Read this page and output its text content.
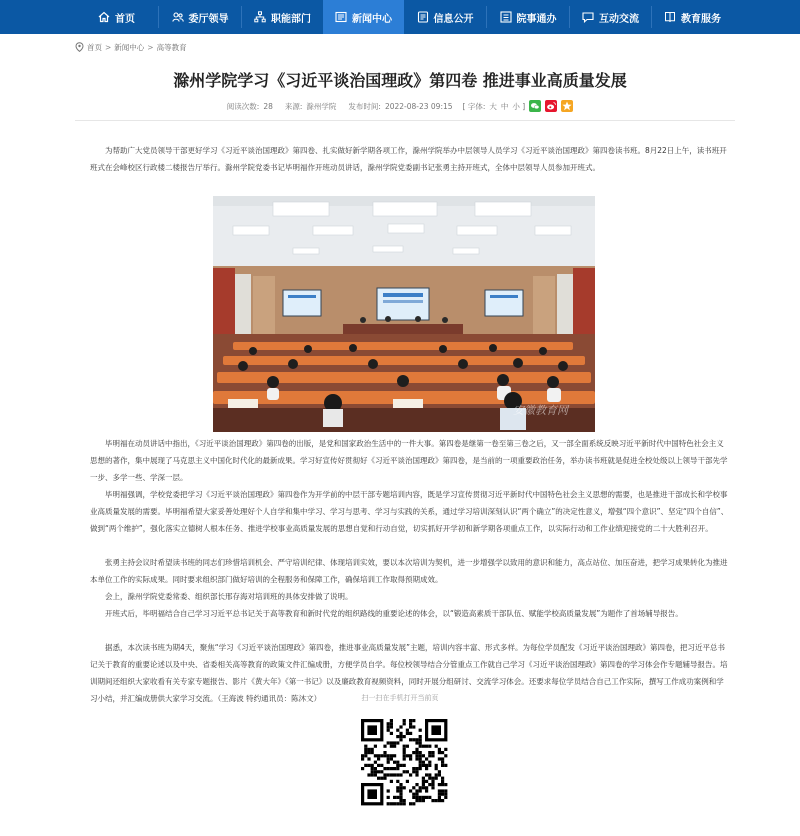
首页	委厅领导	职能部门	新闻中心	信息公开	院事通办	互动交流	教育服务
首页 > 新闻中心 > 高等教育
滁州学院学习《习近平谈治国理政》第四卷 推进事业高质量发展
阅读次数: 28 来源: 滁州学院 发布时间: 2022-08-23 09:15 [ 字体: 大 中 小 ]

为帮助广大党员领导干部更好学习《习近平谈治国理政》第四卷、扎实做好新学期各项工作，滁州学院举办中层领导人员学习《习近平谈治国理政》第四卷读书班。8月22日上午，读书班开班式在会峰校区行政楼二楼报告厅举行。滁州学院党委书记毕明福作开班动员讲话，滁州学院党委副书记张勇主持开班式，全体中层领导人员参加开班式。

安徽教育网

毕明福在动员讲话中指出，《习近平谈治国理政》第四卷的出版，是党和国家政治生活中的一件大事。第四卷是继第一卷至第三卷之后，又一部全面系统反映习近平新时代中国特色社会主义思想的著作，集中展现了马克思主义中国化时代化的最新成果。学习好宣传好贯彻好《习近平谈治国理政》第四卷，是当前的一项重要政治任务，举办读书班就是促进全校处级以上领导干部先学一步、多学一些、学深一层。

毕明福强调，学校党委把学习《习近平谈治国理政》第四卷作为开学前的中层干部专题培训内容，既是学习宣传贯彻习近平新时代中国特色社会主义思想的需要，也是推进干部成长和学校事业高质量发展的需要。毕明福希望大家妥善处理好个人自学和集中学习、学习与思考、学习与实践的关系，通过学习培训深刻认识“两个确立”的决定性意义，增强“四个意识”、坚定“四个自信”、做到“两个维护”，强化落实立德树人根本任务、推进学校事业高质量发展的思想自觉和行动自觉，切实抓好开学初和新学期各项重点工作，以实际行动和工作业绩迎接党的二十大胜利召开。

张勇主持会议时希望读书班的同志们珍惜培训机会、严守培训纪律、体现培训实效，要以本次培训为契机，进一步增强学以致用的意识和能力，高点站位、加压奋进，把学习成果转化为推进本单位工作的实际成果。同时要求组织部门做好培训的全程服务和保障工作，确保培训工作取得预期成效。

会上，滁州学院党委常委、组织部长邢存海对培训班的具体安排做了说明。

开班式后，毕明福结合自己学习习近平总书记关于高等教育和新时代党的组织路线的重要论述的体会，以“锻造高素质干部队伍、赋能学校高质量发展”为题作了首场辅导报告。

据悉，本次读书班为期4天，聚焦“学习《习近平谈治国理政》第四卷，推进事业高质量发展”主题，培训内容丰富、形式多样。为每位学员配发《习近平谈治国理政》第四卷，把习近平总书记关于教育的重要论述以及中央、省委相关高等教育的政策文件汇编成册，方便学员自学。每位校领导结合分管重点工作就自己学习《习近平谈治国理政》第四卷的学习体会作专题辅导报告。培训期间还组织大家收看有关专家专题报告、影片《黄大年》《第一书记》以及廉政教育视频资料，同时开展分组研讨、交流学习体会。还要求每位学员结合自己工作实际，撰写工作成功案例和学习小结，并汇编成册供大家学习交流。（王海波 特约通讯员：陈沐文）	扫一扫在手机打开当前页
